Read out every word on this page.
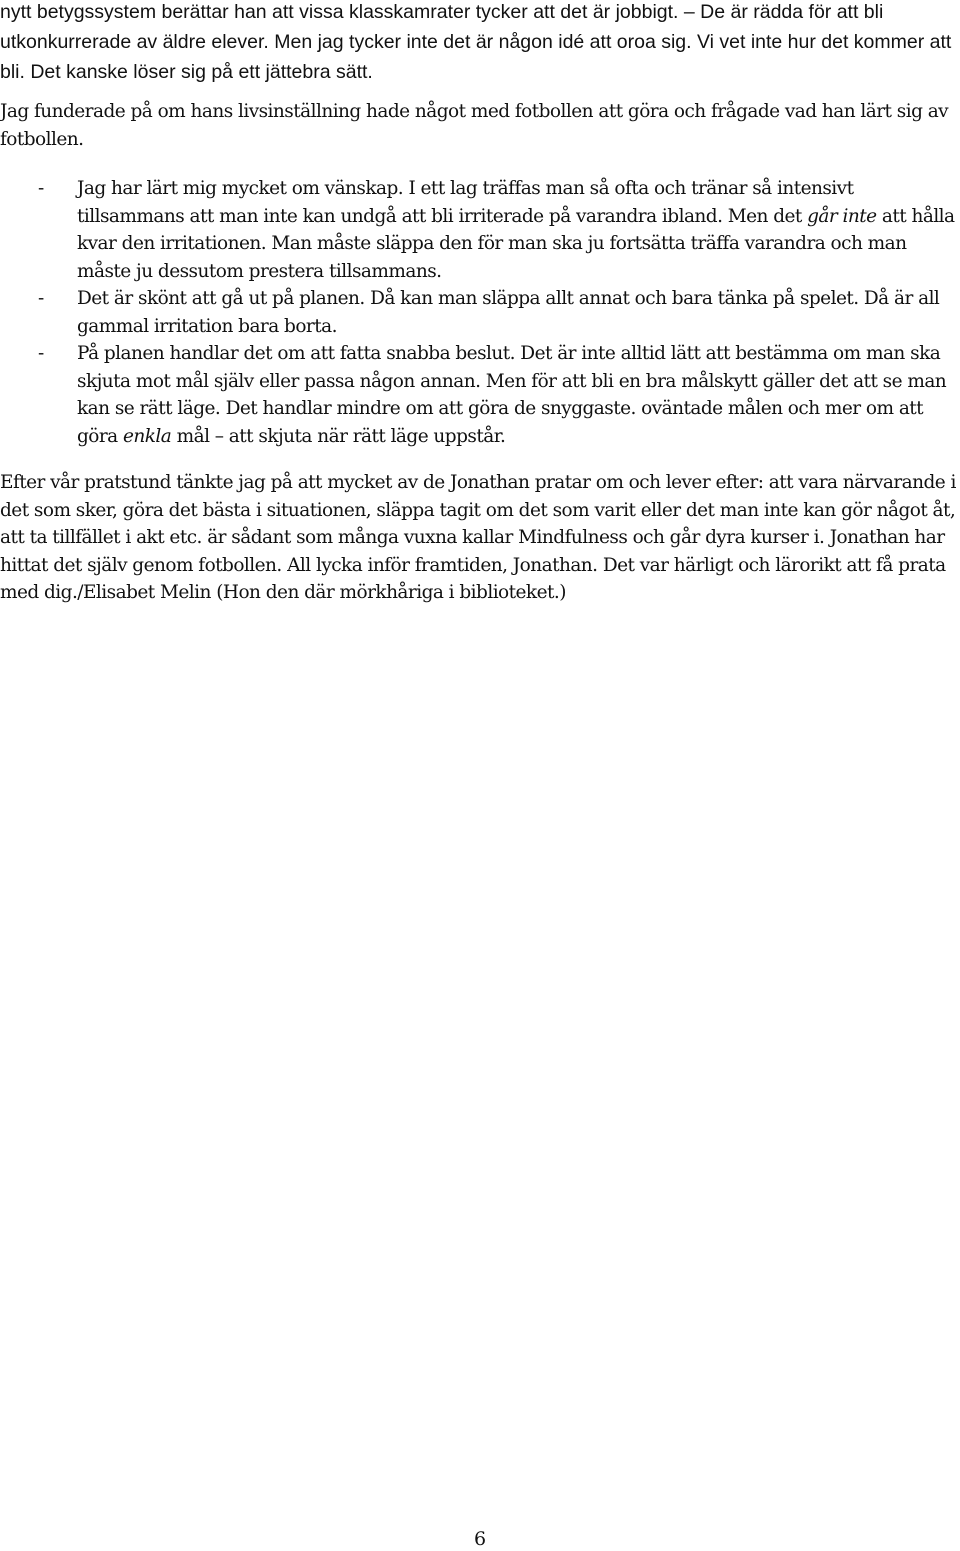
nytt betygssystem berättar han att vissa klasskamrater tycker att det är jobbigt. – De är rädda för att bli utkonkurrerade av äldre elever. Men jag tycker inte det är någon idé att oroa sig. Vi vet inte hur det kommer att bli. Det kanske löser sig på ett jättebra sätt.

Jag funderade på om hans livsinställning hade något med fotbollen att göra och frågade vad han lärt sig av fotbollen.

- Jag har lärt mig mycket om vänskap. I ett lag träffas man så ofta och tränar så intensivt tillsammans att man inte kan undgå att bli irriterade på varandra ibland. Men det går inte att hålla kvar den irritationen. Man måste släppa den för man ska ju fortsätta träffa varandra och man måste ju dessutom prestera tillsammans.
- Det är skönt att gå ut på planen. Då kan man släppa allt annat och bara tänka på spelet. Då är all gammal irritation bara borta.
- På planen handlar det om att fatta snabba beslut. Det är inte alltid lätt att bestämma om man ska skjuta mot mål själv eller passa någon annan. Men för att bli en bra målskytt gäller det att se man kan se rätt läge. Det handlar mindre om att göra de snyggaste. oväntade målen och mer om att göra enkla mål – att skjuta när rätt läge uppstår.

Efter vår pratstund tänkte jag på att mycket av de Jonathan pratar om och lever efter: att vara närvarande i det som sker, göra det bästa i situationen, släppa tagit om det som varit eller det man inte kan gör något åt, att ta tillfället i akt etc. är sådant som många vuxna kallar Mindfulness och går dyra kurser i. Jonathan har hittat det själv genom fotbollen. All lycka inför framtiden, Jonathan. Det var härligt och lärorikt att få prata med dig./Elisabet Melin (Hon den där mörkhåriga i biblioteket.)

6
